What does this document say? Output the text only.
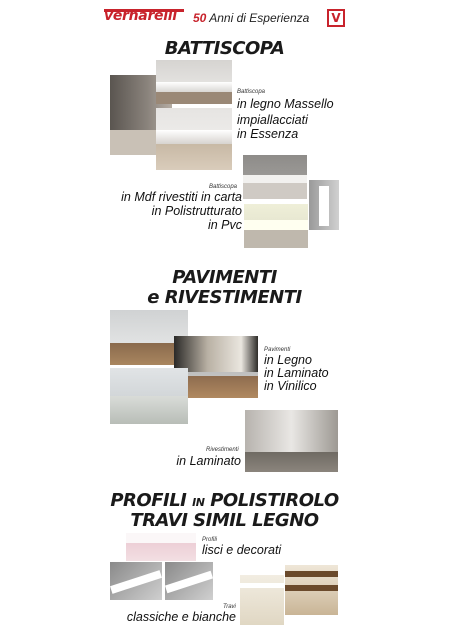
vernarelli 50 Anni di Esperienza V
BATTISCOPA
Battiscopa
in legno Massello
impiallacciati
in Essenza
Battiscopa
in Mdf rivestiti in carta
in Polistrutturato
in Pvc
PAVIMENTI
e RIVESTIMENTI
Pavimenti
in Legno
in Laminato
in Vinilico
Rivestimenti
in Laminato
PROFILI IN POLISTIROLO
TRAVI SIMIL LEGNO
Profili
lisci e decorati
Travi
classiche e bianche
